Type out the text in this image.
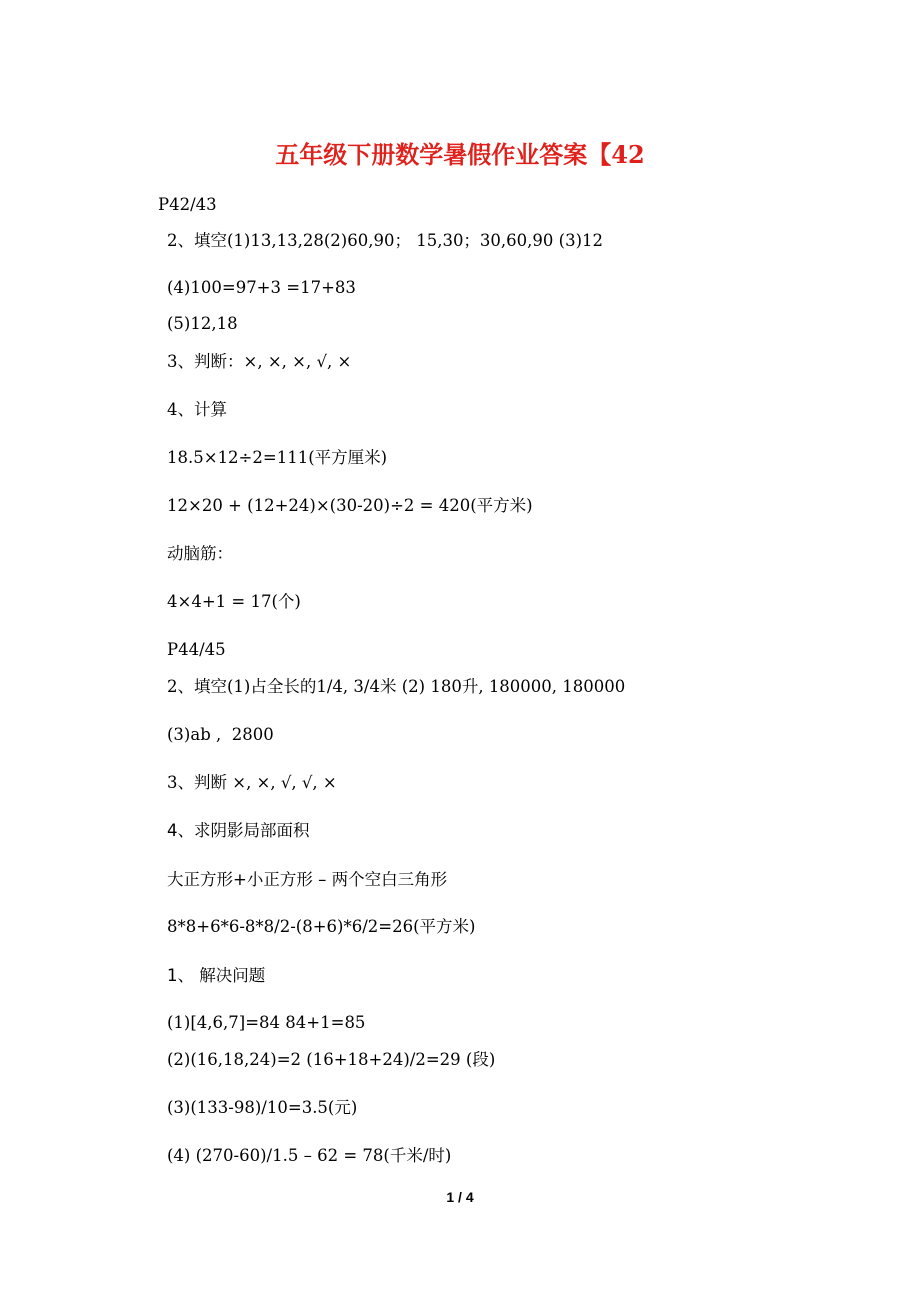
五年级下册数学暑假作业答案【42
P42/43
2、填空(1)13,13,28(2)60,90； 15,30；30,60,90 (3)12
(4)100=97+3 =17+83
(5)12,18
3、判断：×, ×, ×, √, ×
4、计算
18.5×12÷2=111(平方厘米)
12×20 + (12+24)×(30-20)÷2 = 420(平方米)
动脑筋：
4×4+1 = 17(个)
P44/45
2、填空(1)占全长的1/4, 3/4米 (2) 180升, 180000, 180000
(3)ab ,  2800
3、判断 ×, ×, √, √, ×
4、求阴影局部面积
大正方形+小正方形 – 两个空白三角形
8*8+6*6-8*8/2-(8+6)*6/2=26(平方米)
1、 解决问题
(1)[4,6,7]=84 84+1=85
(2)(16,18,24)=2 (16+18+24)/2=29 (段)
(3)(133-98)/10=3.5(元)
(4) (270-60)/1.5 – 62 = 78(千米/时)
1 / 4
